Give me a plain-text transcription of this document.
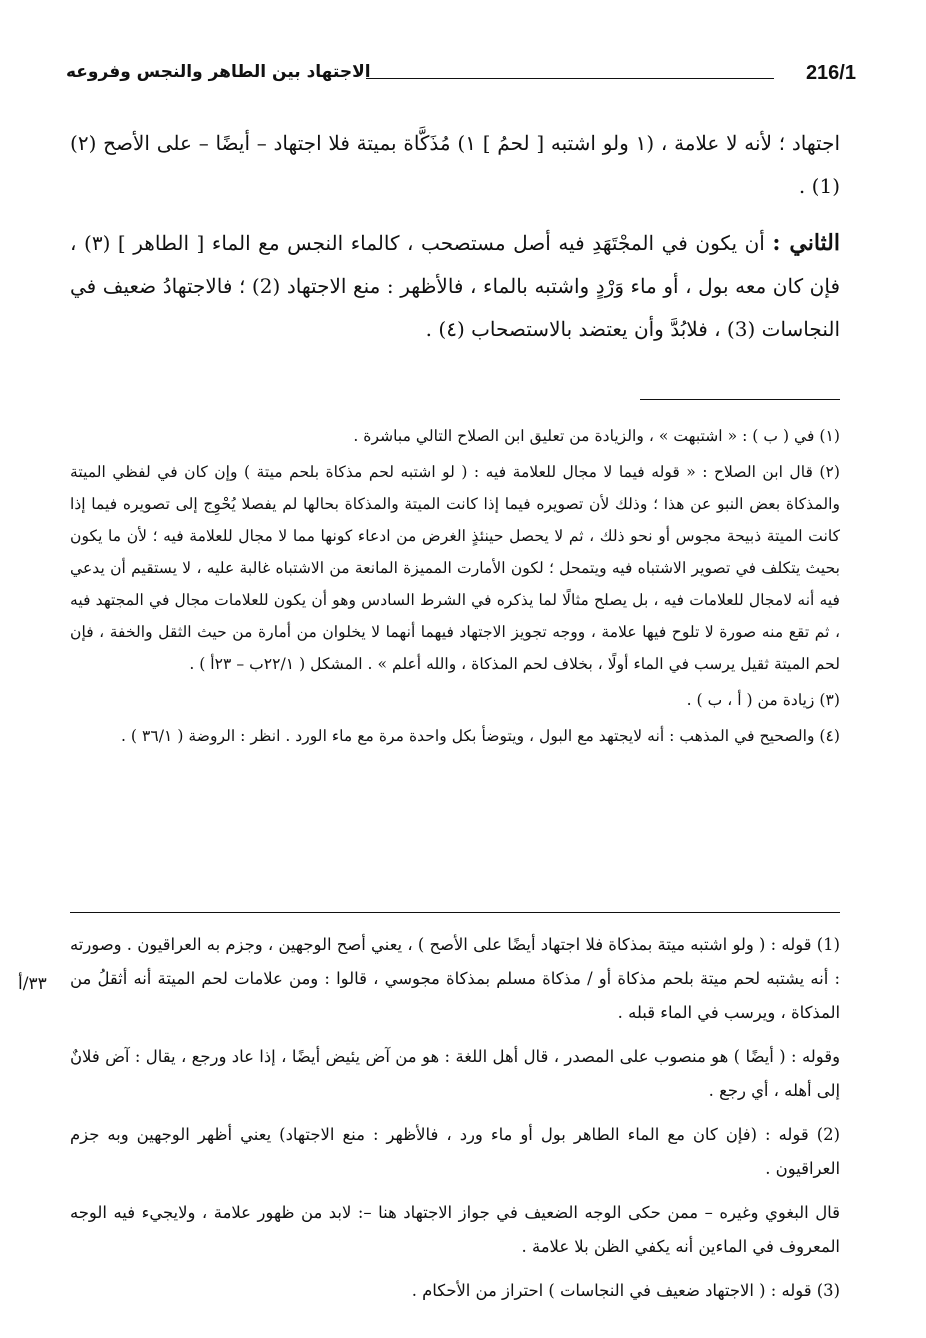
216/1
الاجتهاد بين الطاهر والنجس وفروعه

اجتهاد ؛ لأنه لا علامة ، (١ ولو اشتبه [ لحمُ ] ١) مُذَكَّاة بميتة فلا اجتهاد – أيضًا – على الأصح (٢) (1) .

الثاني : أن يكون في المجْتَهَدِ فيه أصل مستصحب ، كالماء النجس مع الماء [ الطاهر ] (٣) ، فإن كان معه بول ، أو ماء وَرْدٍ واشتبه بالماء ، فالأظهر : منع الاجتهاد (2) ؛ فالاجتهادُ ضعيف في النجاسات (3) ، فلابُدَّ وأن يعتضد بالاستصحاب (٤) .

(١) في ( ب ) : « اشتبهت » ، والزيادة من تعليق ابن الصلاح التالي مباشرة .

(٢) قال ابن الصلاح : « قوله فيما لا مجال للعلامة فيه : ( لو اشتبه لحم مذكاة بلحم ميتة ) وإن كان في لفظي الميتة والمذكاة بعض النبو عن هذا ؛ وذلك لأن تصويره فيما إذا كانت الميتة والمذكاة بحالها لم يفصلا يُحْوِج إلى تصويره فيما إذا كانت الميتة ذبيحة مجوس أو نحو ذلك ، ثم لا يحصل حينئذٍ الغرض من ادعاء كونها مما لا مجال للعلامة فيه ؛ لأن ما يكون بحيث يتكلف في تصوير الاشتباه فيه ويتمحل ؛ لكون الأمارت المميزة المانعة من الاشتباه غالبة عليه ، لا يستقيم أن يدعي فيه أنه لامجال للعلامات فيه ، بل يصلح مثالًا لما يذكره في الشرط السادس وهو أن يكون للعلامات مجال في المجتهد فيه ، ثم تقع منه صورة لا تلوح فيها علامة ، ووجه تجويز الاجتهاد فيهما أنهما لا يخلوان من أمارة من حيث الثقل والخفة ، فإن لحم الميتة ثقيل يرسب في الماء أولًا ، بخلاف لحم المذكاة ، والله أعلم » . المشكل ( ٢٢/١ب – ٢٣أ ) .

(٣) زيادة من ( أ ، ب ) .

(٤) والصحيح في المذهب : أنه لايجتهد مع البول ، ويتوضأ بكل واحدة مرة مع ماء الورد . انظر : الروضة ( ٣٦/١ ) .

٣٣/أ

(1) قوله : ( ولو اشتبه ميتة بمذكاة فلا اجتهاد أيضًا على الأصح ) ، يعني أصح الوجهين ، وجزم به العراقيون . وصورته : أنه يشتبه لحم ميتة بلحم مذكاة أو / مذكاة مسلم بمذكاة مجوسي ، قالوا : ومن علامات لحم الميتة أنه أثقلُ من المذكاة ، ويرسب في الماء قبله .

وقوله : ( أيضًا ) هو منصوب على المصدر ، قال أهل اللغة : هو من آض يئيض أيضًا ، إذا عاد ورجع ، يقال : آض فلانٌ إلى أهله ، أي رجع .

(2) قوله : (فإن كان مع الماء الطاهر بول أو ماء ورد ، فالأظهر : منع الاجتهاد) يعني أظهر الوجهين وبه جزم العراقيون .

قال البغوي وغيره – ممن حكى الوجه الضعيف في جواز الاجتهاد هنا –: لابد من ظهور علامة ، ولايجيء فيه الوجه المعروف في الماءين أنه يكفي الظن بلا علامة .

(3) قوله : ( الاجتهاد ضعيف في النجاسات ) احتراز من الأحكام .
